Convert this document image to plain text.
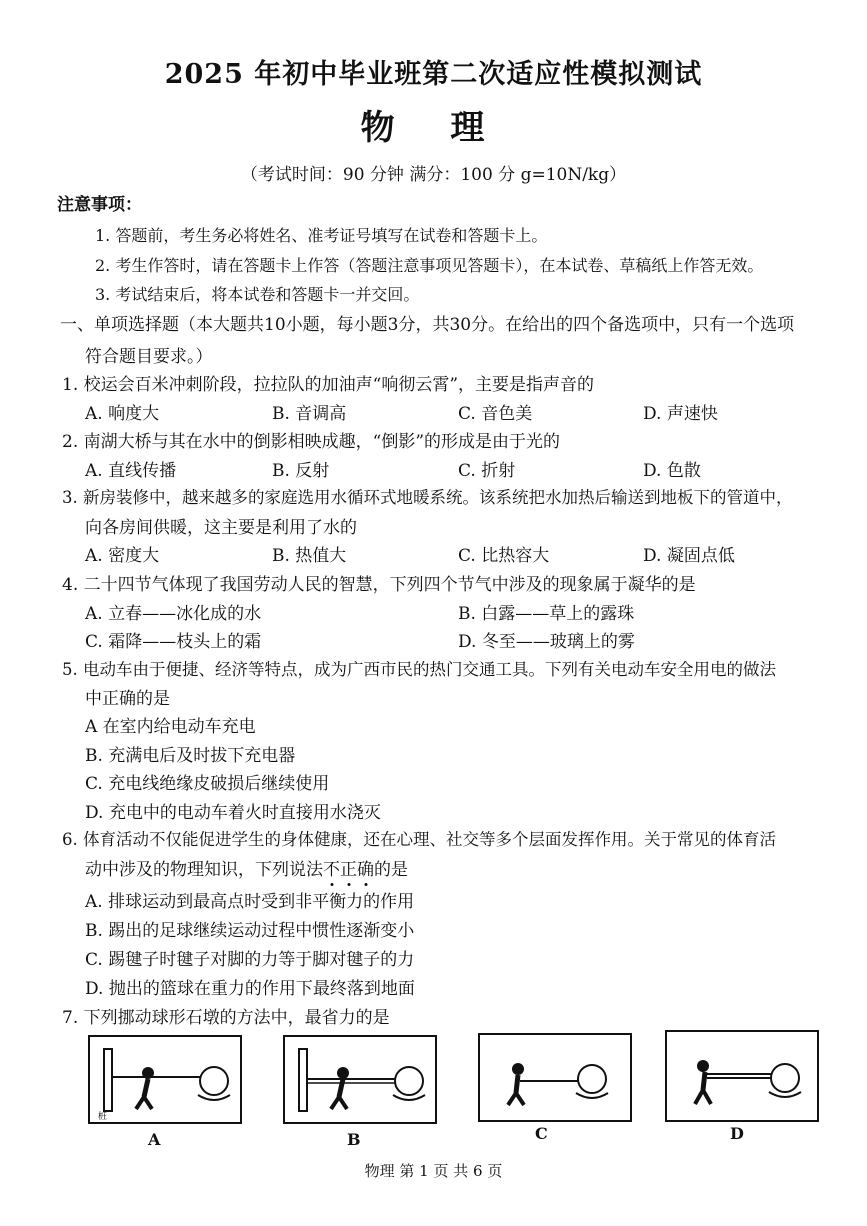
2025 年初中毕业班第二次适应性模拟测试
物 理
（考试时间：90 分钟 满分：100 分 g=10N/kg）
注意事项：
1. 答题前，考生务必将姓名、准考证号填写在试卷和答题卡上。
2. 考生作答时，请在答题卡上作答（答题注意事项见答题卡），在本试卷、草稿纸上作答无效。
3. 考试结束后，将本试卷和答题卡一并交回。
一、单项选择题（本大题共10小题，每小题3分，共30分。在给出的四个备选项中，只有一个选项
符合题目要求。）
1. 校运会百米冲刺阶段，拉拉队的加油声“响彻云霄”，主要是指声音的
A. 响度大	B. 音调高	C. 音色美	D. 声速快
2. 南湖大桥与其在水中的倒影相映成趣，“倒影”的形成是由于光的
A. 直线传播	B. 反射	C. 折射	D. 色散
3. 新房装修中，越来越多的家庭选用水循环式地暖系统。该系统把水加热后输送到地板下的管道中，
向各房间供暖，这主要是利用了水的
A. 密度大	B. 热值大	C. 比热容大	D. 凝固点低
4. 二十四节气体现了我国劳动人民的智慧，下列四个节气中涉及的现象属于凝华的是
A. 立春——冰化成的水	B. 白露——草上的露珠
C. 霜降——枝头上的霜	D. 冬至——玻璃上的雾
5. 电动车由于便捷、经济等特点，成为广西市民的热门交通工具。下列有关电动车安全用电的做法
中正确的是
A 在室内给电动车充电
B. 充满电后及时拔下充电器
C. 充电线绝缘皮破损后继续使用
D. 充电中的电动车着火时直接用水浇灭
6. 体育活动不仅能促进学生的身体健康，还在心理、社交等多个层面发挥作用。关于常见的体育活
动中涉及的物理知识，下列说法不正确的是
A. 排球运动到最高点时受到非平衡力的作用
B. 踢出的足球继续运动过程中惯性逐渐变小
C. 踢毽子时毽子对脚的力等于脚对毽子的力
D. 抛出的篮球在重力的作用下最终落到地面
7. 下列挪动球形石墩的方法中，最省力的是
桩
A	B	C	D
物理 第 1 页 共 6 页
